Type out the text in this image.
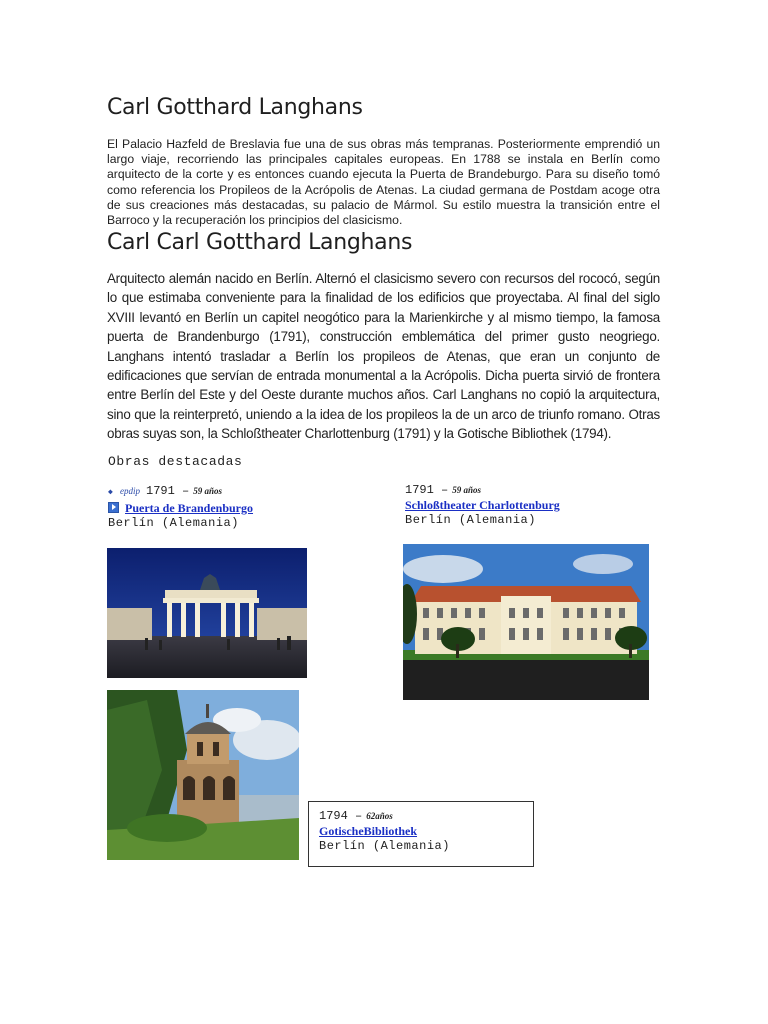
Carl Gotthard Langhans

El Palacio Hazfeld de Breslavia fue una de sus obras más tempranas. Posteriormente emprendió un largo viaje, recorriendo las principales capitales europeas. En 1788 se instala en Berlín como arquitecto de la corte y es entonces cuando ejecuta la Puerta de Brandeburgo. Para su diseño tomó como referencia los Propileos de la Acrópolis de Atenas. La ciudad germana de Postdam acoge otra de sus creaciones más destacadas, su palacio de Mármol. Su estilo muestra la transición entre el Barroco y la recuperación los principios del clasicismo.

Carl Carl Gotthard Langhans

Arquitecto alemán nacido en Berlín. Alternó el clasicismo severo con recursos del rococó, según lo que estimaba conveniente para la finalidad de los edificios que proyectaba. Al final del siglo XVIII levantó en Berlín un capitel neogótico para la Marienkirche y al mismo tiempo, la famosa puerta de Brandenburgo (1791), construcción emblemática del primer gusto neogriego. Langhans intentó trasladar a Berlín los propileos de Atenas, que eran un conjunto de edificaciones que servían de entrada monumental a la Acrópolis. Dicha puerta sirvió de frontera entre Berlín del Este y del Oeste durante muchos años. Carl Langhans no copió la arquitectura, sino que la reinterpretó, uniendo a la idea de los propileos la de un arco de triunfo romano. Otras obras suyas son, la Schloßtheater Charlottenburg (1791) y la Gotische Bibliothek (1794).

Obras destacadas
◆ epdip 1791 – 59 años
Puerta de Brandenburgo
Berlín (Alemania)
1791 – 59 años
Schloßtheater Charlottenburg
Berlín (Alemania)
1794 – 62años
GotischeBibliothek
Berlín (Alemania)
